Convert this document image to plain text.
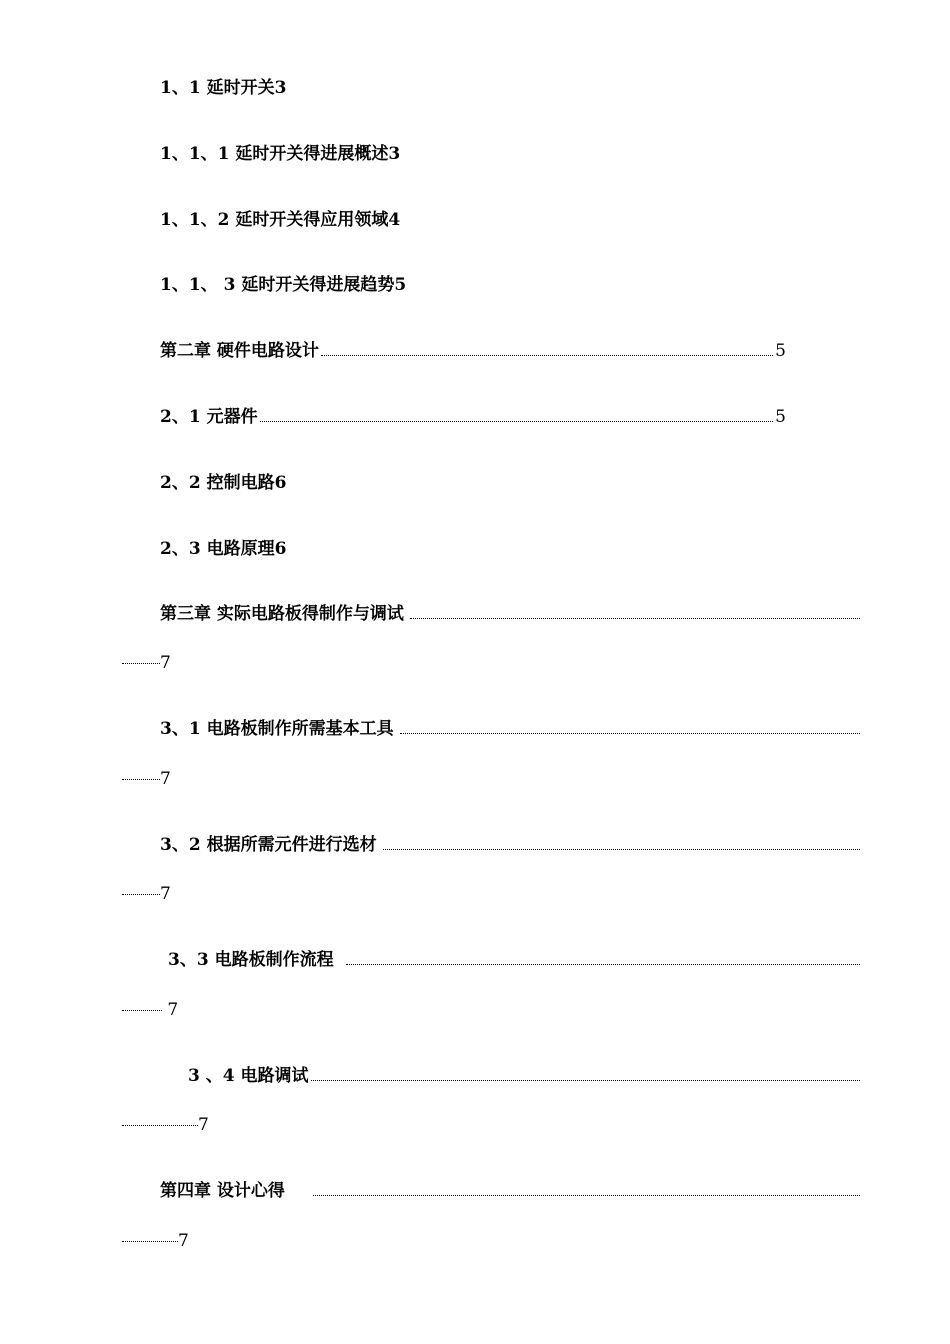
1、1 延时开关3
1、1、1 延时开关得进展概述3
1、1、2 延时开关得应用领域4
1、1、 3 延时开关得进展趋势5
第二章 硬件电路设计	5
2、1 元器件	5
2、2 控制电路6
2、3 电路原理6
第三章 实际电路板得制作与调试
7
3、1 电路板制作所需基本工具
7
3、2 根据所需元件进行选材
7
3、3 电路板制作流程
7
3 、4 电路调试
7
第四章 设计心得
7
